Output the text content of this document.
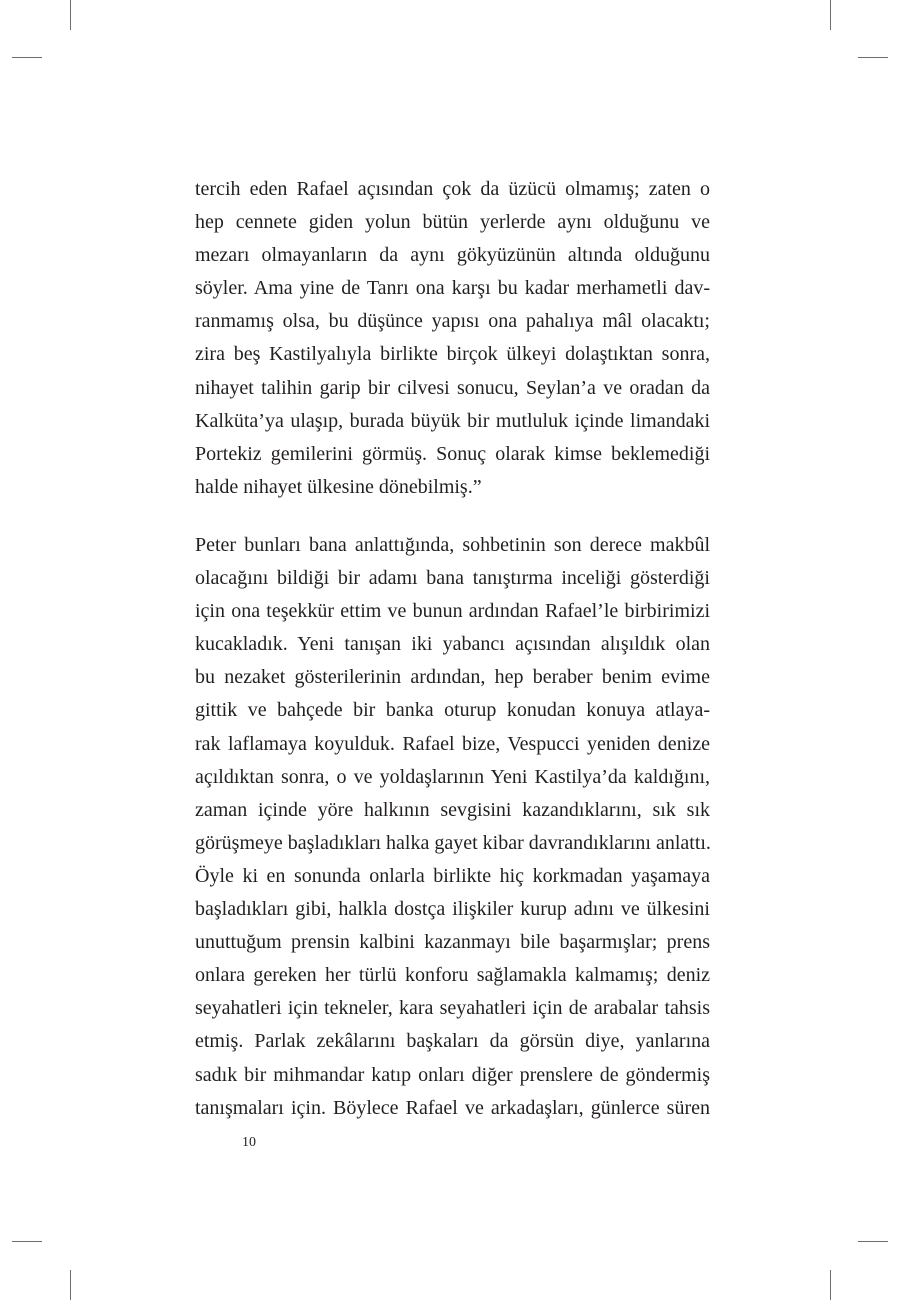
tercih eden Rafael açısından çok da üzücü olmamış; zaten o
hep cennete giden yolun bütün yerlerde aynı olduğunu ve
mezarı olmayanların da aynı gökyüzünün altında olduğunu
söyler. Ama yine de Tanrı ona karşı bu kadar merhametli dav-
ranmamış olsa, bu düşünce yapısı ona pahalıya mâl olacaktı;
zira beş Kastilyalıyla birlikte birçok ülkeyi dolaştıktan sonra,
nihayet talihin garip bir cilvesi sonucu, Seylan’a ve oradan da
Kalküta’ya ulaşıp, burada büyük bir mutluluk içinde limandaki
Portekiz gemilerini görmüş. Sonuç olarak kimse beklemediği
halde nihayet ülkesine dönebilmiş.”
Peter bunları bana anlattığında, sohbetinin son derece makbûl
olacağını bildiği bir adamı bana tanıştırma inceliği gösterdiği
için ona teşekkür ettim ve bunun ardından Rafael’le birbirimizi
kucakladık. Yeni tanışan iki yabancı açısından alışıldık olan
bu nezaket gösterilerinin ardından, hep beraber benim evime
gittik ve bahçede bir banka oturup konudan konuya atlaya-
rak laflamaya koyulduk. Rafael bize, Vespucci yeniden denize
açıldıktan sonra, o ve yoldaşlarının Yeni Kastilya’da kaldığını,
zaman içinde yöre halkının sevgisini kazandıklarını, sık sık
görüşmeye başladıkları halka gayet kibar davrandıklarını anlattı.
Öyle ki en sonunda onlarla birlikte hiç korkmadan yaşamaya
başladıkları gibi, halkla dostça ilişkiler kurup adını ve ülkesini
unuttuğum prensin kalbini kazanmayı bile başarmışlar; prens
onlara gereken her türlü konforu sağlamakla kalmamış; deniz
seyahatleri için tekneler, kara seyahatleri için de arabalar tahsis
etmiş. Parlak zekâlarını başkaları da görsün diye, yanlarına
sadık bir mihmandar katıp onları diğer prenslere de göndermiş
tanışmaları için. Böylece Rafael ve arkadaşları, günlerce süren
10
